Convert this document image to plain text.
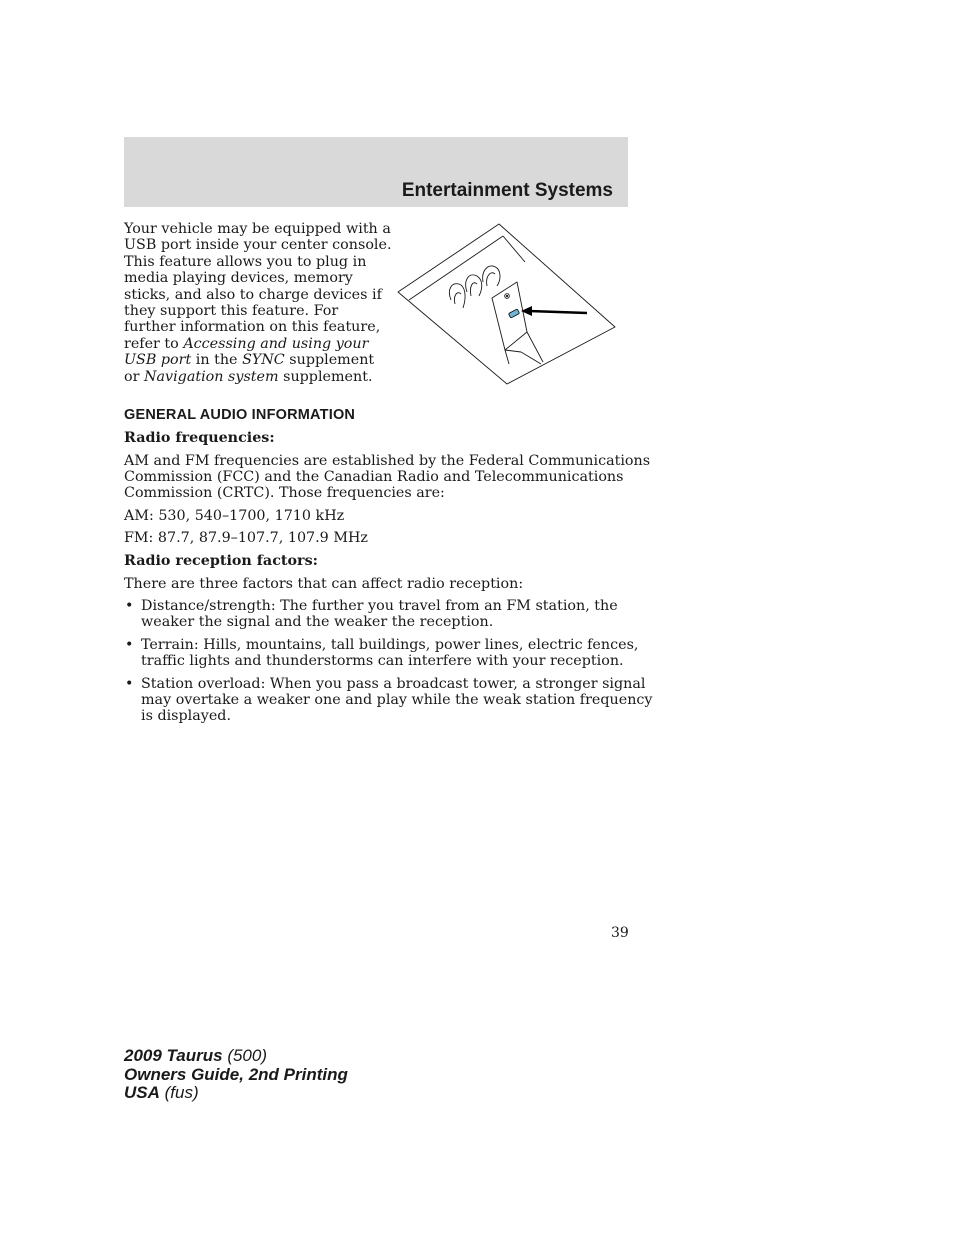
Entertainment Systems

Your vehicle may be equipped with a
USB port inside your center console.
This feature allows you to plug in
media playing devices, memory
sticks, and also to charge devices if
they support this feature. For
further information on this feature,
refer to Accessing and using your
USB port in the SYNC supplement
or Navigation system supplement.

GENERAL AUDIO INFORMATION

Radio frequencies:

AM and FM frequencies are established by the Federal Communications
Commission (FCC) and the Canadian Radio and Telecommunications
Commission (CRTC). Those frequencies are:

AM: 530, 540–1700, 1710 kHz

FM: 87.7, 87.9–107.7, 107.9 MHz

Radio reception factors:

There are three factors that can affect radio reception:

• Distance/strength: The further you travel from an FM station, the
weaker the signal and the weaker the reception.

• Terrain: Hills, mountains, tall buildings, power lines, electric fences,
traffic lights and thunderstorms can interfere with your reception.

• Station overload: When you pass a broadcast tower, a stronger signal
may overtake a weaker one and play while the weak station frequency
is displayed.

39

2009 Taurus (500)
Owners Guide, 2nd Printing
USA (fus)
